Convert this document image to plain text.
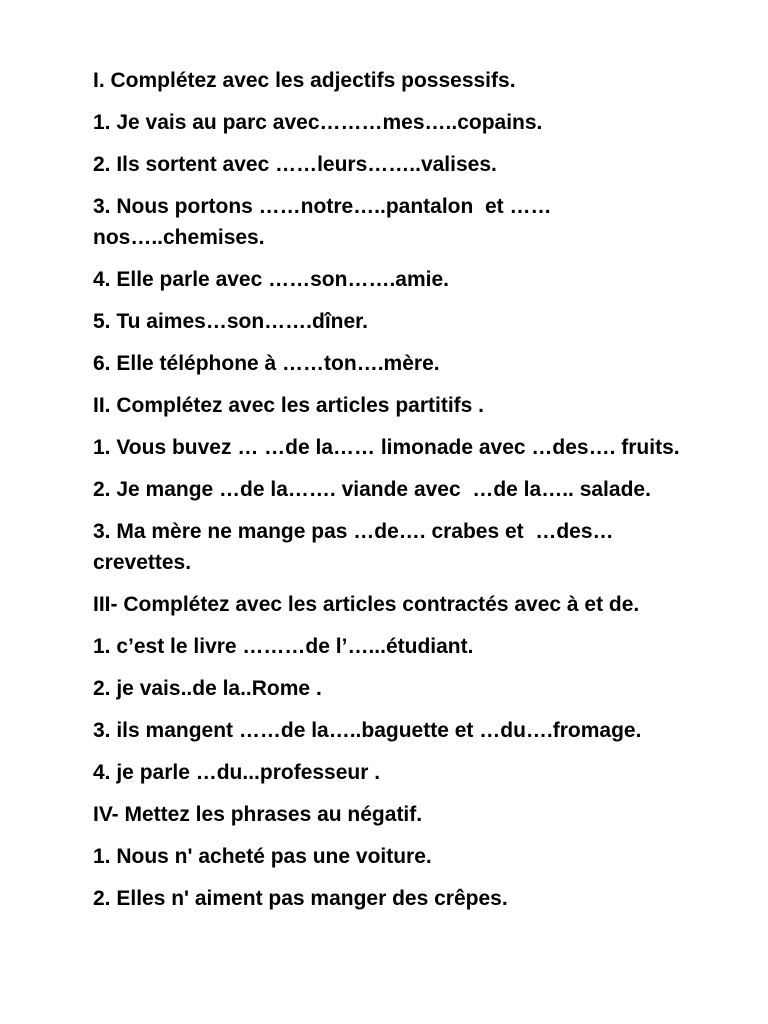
I. Complétez avec les adjectifs possessifs.

1. Je vais au parc avec………mes…..copains.

2. Ils sortent avec ……leurs……..valises.

3. Nous portons ……notre…..pantalon  et …… nos…..chemises.

4. Elle parle avec ……son…….amie.

5. Tu aimes…son…….dîner.

6. Elle téléphone à ……ton….mère.

II. Complétez avec les articles partitifs .

1. Vous buvez … …de la…… limonade avec …des…. fruits.

2. Je mange …de la……. viande avec  …de la….. salade.

3. Ma mère ne mange pas …de…. crabes et  …des… crevettes.

III- Complétez avec les articles contractés avec à et de.

1. c’est le livre ………de l’…...étudiant.

2. je vais..de la..Rome .

3. ils mangent ……de la…..baguette et …du….fromage.

4. je parle …du...professeur .

IV- Mettez les phrases au négatif.

1. Nous n' acheté pas une voiture.

2. Elles n' aiment pas manger des crêpes.
